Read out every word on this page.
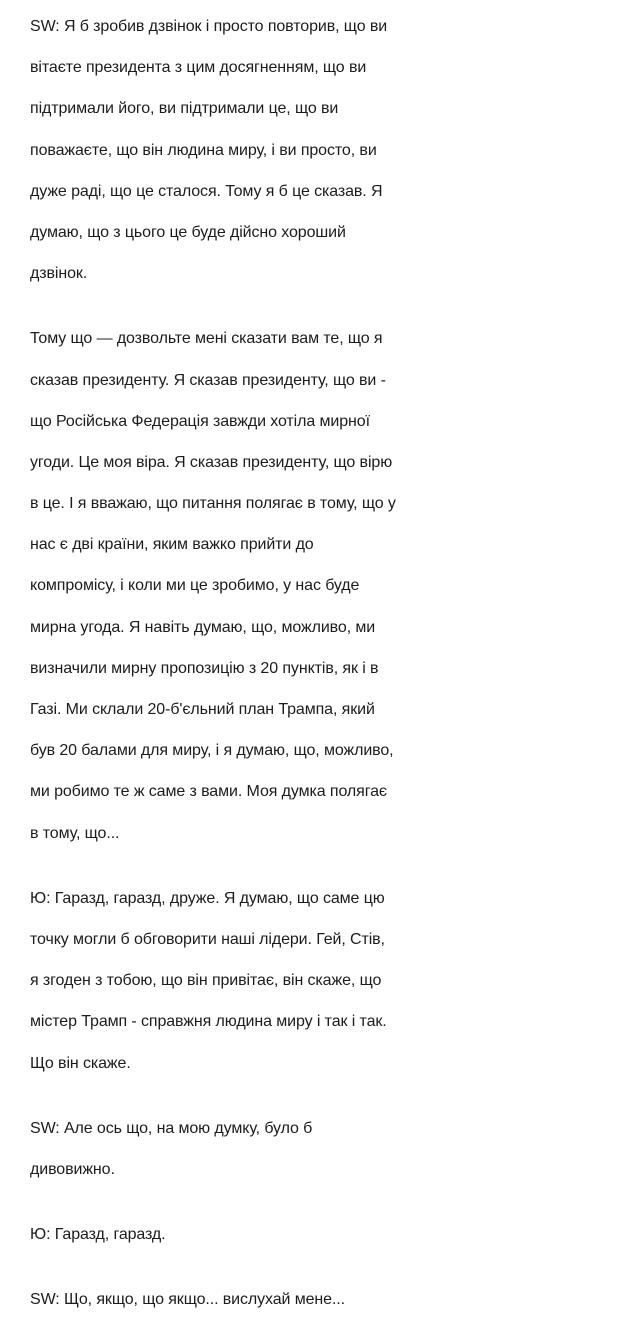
SW: Я б зробив дзвінок і просто повторив, що ви
вітаєте президента з цим досягненням, що ви
підтримали його, ви підтримали це, що ви
поважаєте, що він людина миру, і ви просто, ви
дуже раді, що це сталося. Тому я б це сказав. Я
думаю, що з цього це буде дійсно хороший
дзвінок.
Тому що — дозвольте мені сказати вам те, що я
сказав президенту. Я сказав президенту, що ви -
що Російська Федерація завжди хотіла мирної
угоди. Це моя віра. Я сказав президенту, що вірю
в це. І я вважаю, що питання полягає в тому, що у
нас є дві країни, яким важко прийти до
компромісу, і коли ми це зробимо, у нас буде
мирна угода. Я навіть думаю, що, можливо, ми
визначили мирну пропозицію з 20 пунктів, як і в
Газі. Ми склали 20-б'єльний план Трампа, який
був 20 балами для миру, і я думаю, що, можливо,
ми робимо те ж саме з вами. Моя думка полягає
в тому, що...
Ю: Гаразд, гаразд, друже. Я думаю, що саме цю
точку могли б обговорити наші лідери. Гей, Стів,
я згоден з тобою, що він привітає, він скаже, що
містер Трамп - справжня людина миру і так і так.
Що він скаже.
SW: Але ось що, на мою думку, було б
дивовижно.
Ю: Гаразд, гаразд.
SW: Що, якщо, що якщо... вислухай мене...
